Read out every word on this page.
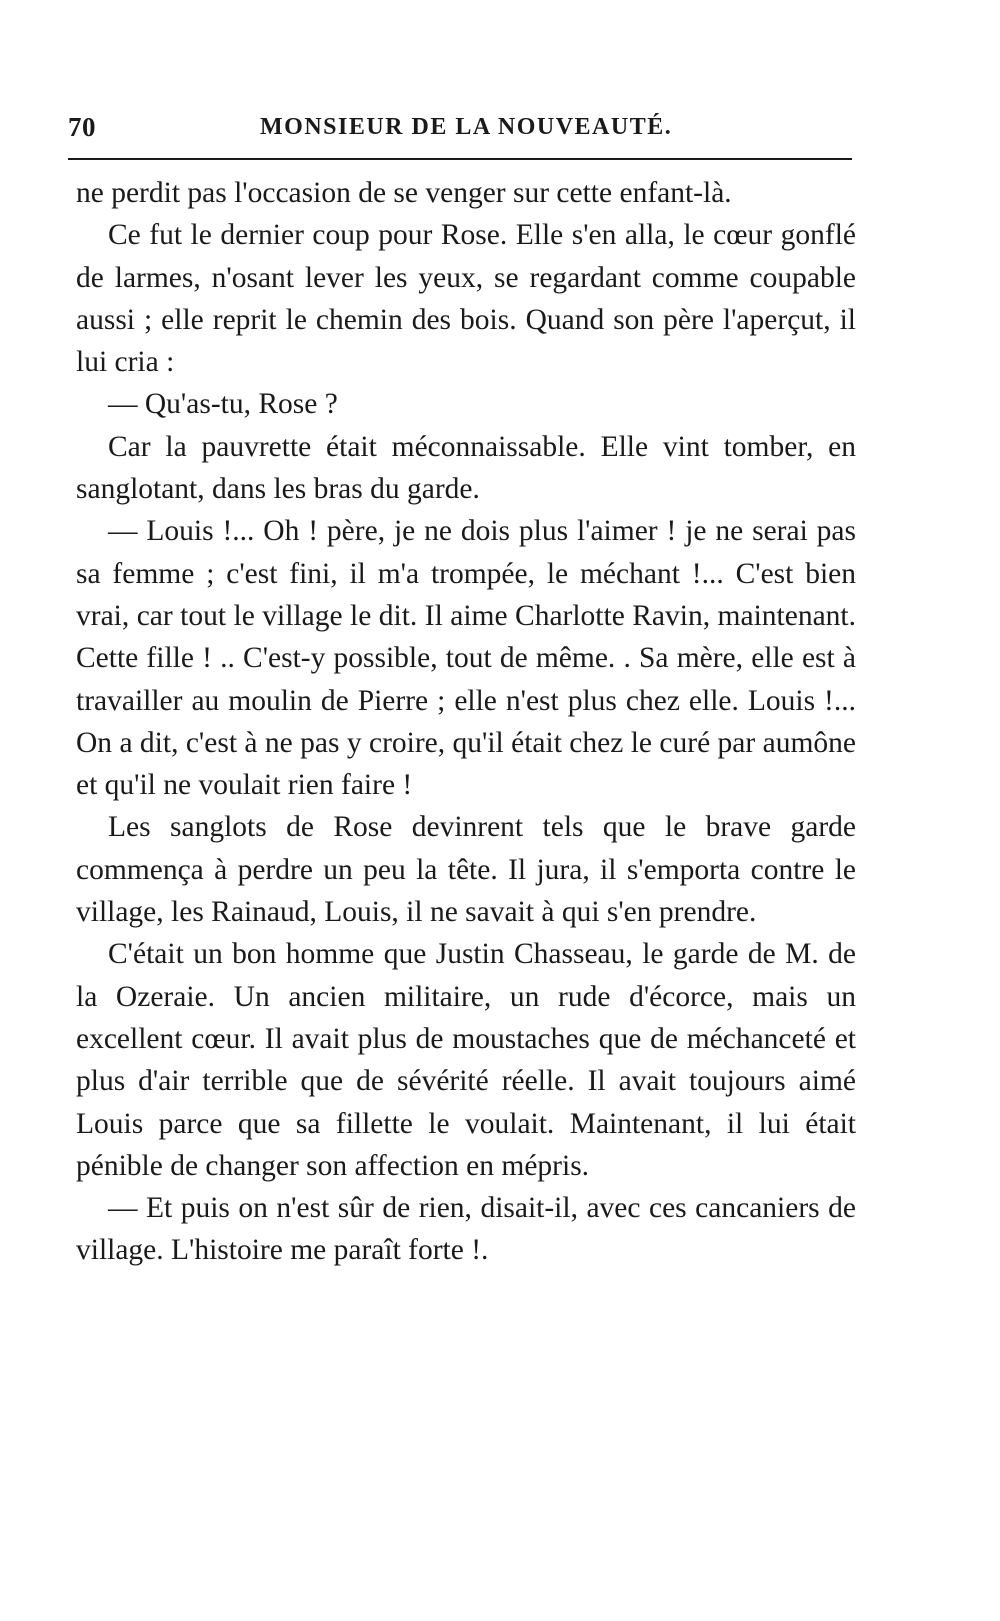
70	MONSIEUR DE LA NOUVEAUTÉ.

ne perdit pas l'occasion de se venger sur cette enfant-là.

Ce fut le dernier coup pour Rose. Elle s'en alla, le cœur gonflé de larmes, n'osant lever les yeux, se regardant comme coupable aussi ; elle reprit le chemin des bois. Quand son père l'aperçut, il lui cria :

— Qu'as-tu, Rose ?

Car la pauvrette était méconnaissable. Elle vint tomber, en sanglotant, dans les bras du garde.

— Louis !... Oh ! père, je ne dois plus l'aimer ! je ne serai pas sa femme ; c'est fini, il m'a trompée, le méchant !... C'est bien vrai, car tout le village le dit. Il aime Charlotte Ravin, maintenant. Cette fille ! .. C'est-y possible, tout de même. . Sa mère, elle est à travailler au moulin de Pierre ; elle n'est plus chez elle. Louis !... On a dit, c'est à ne pas y croire, qu'il était chez le curé par aumône et qu'il ne voulait rien faire !

Les sanglots de Rose devinrent tels que le brave garde commença à perdre un peu la tête. Il jura, il s'emporta contre le village, les Rainaud, Louis, il ne savait à qui s'en prendre.

C'était un bon homme que Justin Chasseau, le garde de M. de la Ozeraie. Un ancien militaire, un rude d'écorce, mais un excellent cœur. Il avait plus de moustaches que de méchanceté et plus d'air terrible que de sévérité réelle. Il avait toujours aimé Louis parce que sa fillette le voulait. Maintenant, il lui était pénible de changer son affection en mépris.

— Et puis on n'est sûr de rien, disait-il, avec ces cancaniers de village. L'histoire me paraît forte !.
